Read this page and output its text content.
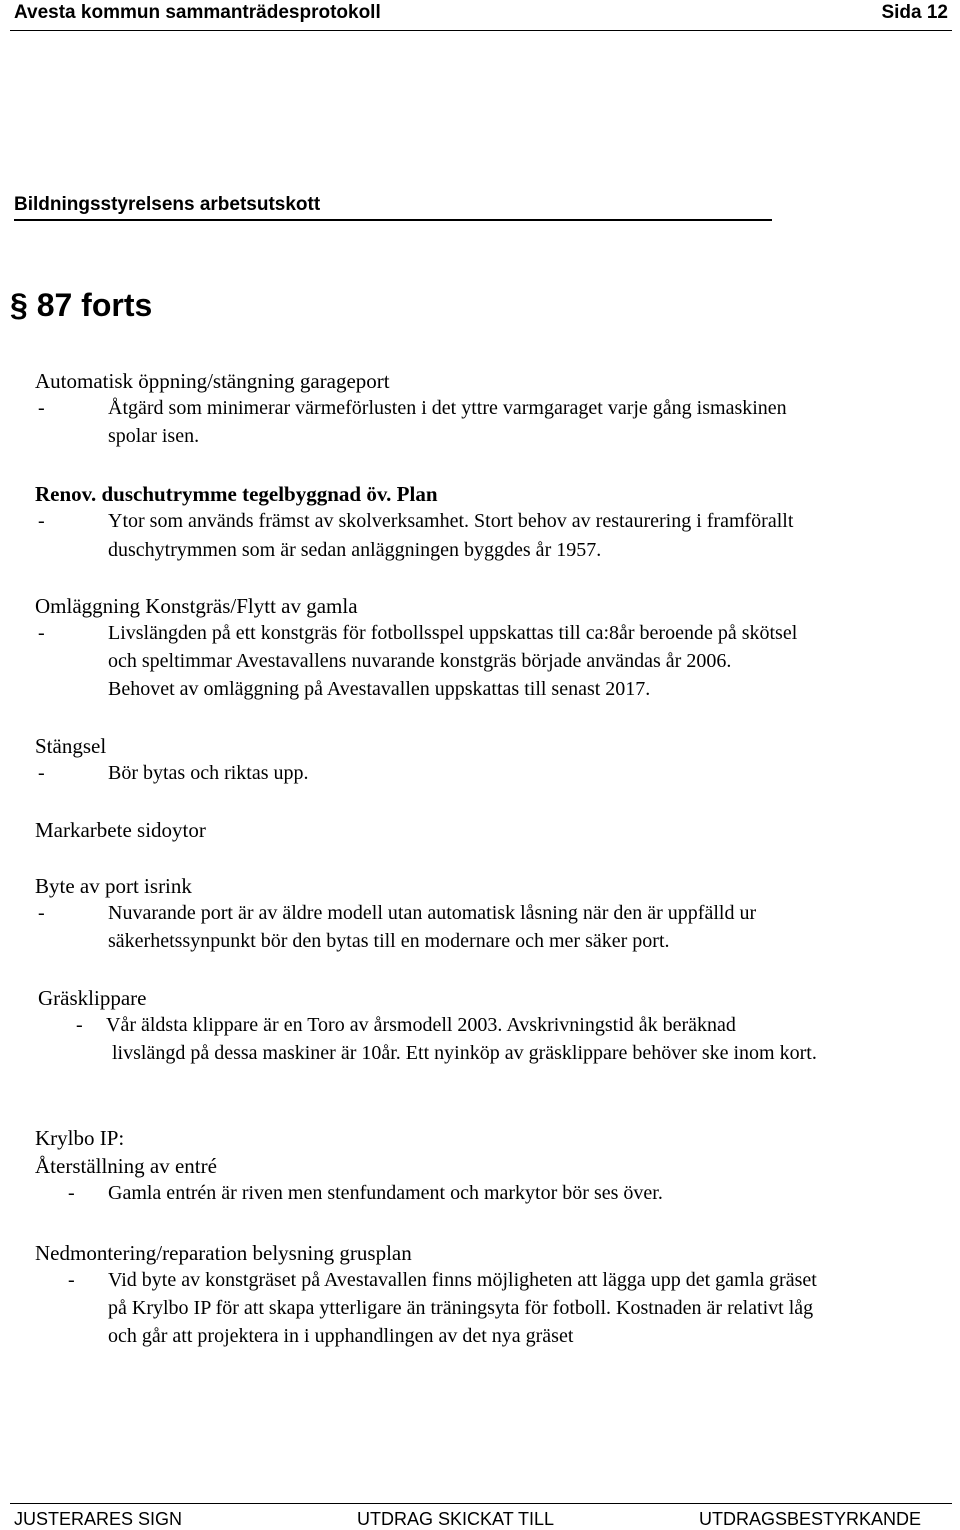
Avesta kommun sammanträdesprotokoll	Sida 12
Bildningsstyrelsens arbetsutskott
§ 87 forts
Automatisk öppning/stängning garageport
-	Åtgärd som minimerar värmeförlusten i det yttre varmgaraget varje gång ismaskinen
spolar isen.
Renov. duschutrymme tegelbyggnad öv. Plan
-	Ytor som används främst av skolverksamhet. Stort behov av restaurering i framförallt
duschytrymmen som är sedan anläggningen byggdes år 1957.
Omläggning Konstgräs/Flytt av gamla
-	Livslängden på ett konstgräs för fotbollsspel uppskattas till ca:8år beroende på skötsel
och speltimmar Avestavallens nuvarande konstgräs började användas år 2006.
Behovet av omläggning på Avestavallen uppskattas till senast 2017.
Stängsel
-	Bör bytas och riktas upp.
Markarbete sidoytor
Byte av port isrink
-	Nuvarande port är av äldre modell utan automatisk låsning när den är uppfälld ur
säkerhetssynpunkt bör den bytas till en modernare och mer säker port.
Gräsklippare
- Vår äldsta klippare är en Toro av årsmodell 2003. Avskrivningstid åk beräknad
livslängd på dessa maskiner är 10år. Ett nyinköp av gräsklippare behöver ske inom kort.
Krylbo IP:
Återställning av entré
- Gamla entrén är riven men stenfundament och markytor bör ses över.
Nedmontering/reparation belysning grusplan
- Vid byte av konstgräset på Avestavallen finns möjligheten att lägga upp det gamla gräset
på Krylbo IP för att skapa ytterligare än träningsyta för fotboll. Kostnaden är relativt låg
och går att projektera in i upphandlingen av det nya gräset
JUSTERARES SIGN	UTDRAG SKICKAT TILL	UTDRAGSBESTYRKANDE
